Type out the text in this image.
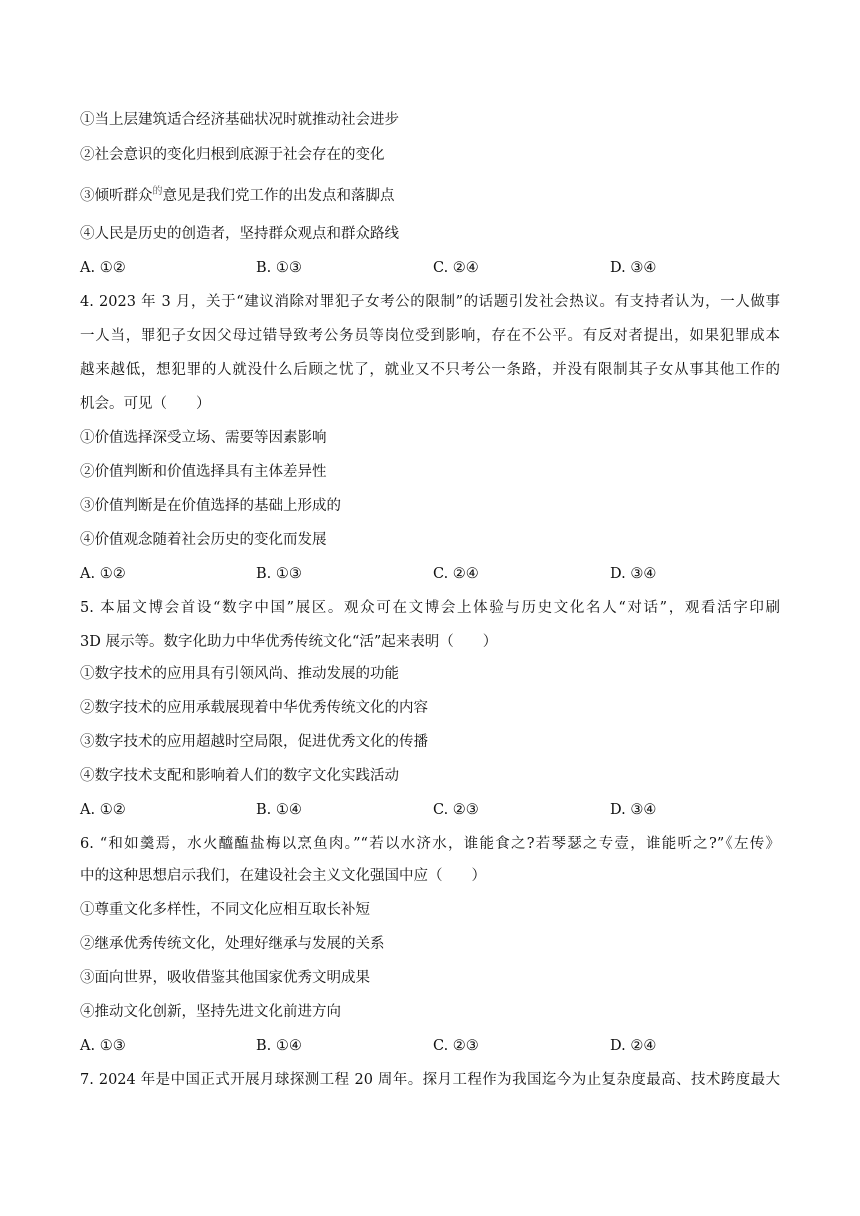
①当上层建筑适合经济基础状况时就推动社会进步
②社会意识的变化归根到底源于社会存在的变化
③倾听群众$^的$意见是我们党工作的出发点和落脚点
④人民是历史的创造者，坚持群众观点和群众路线
A. ①②	B. ①③	C. ②④	D. ③④
4. 2023 年 3 月，关于“建议消除对罪犯子女考公的限制”的话题引发社会热议。有支持者认为，一人做事
一人当，罪犯子女因父母过错导致考公务员等岗位受到影响，存在不公平。有反对者提出，如果犯罪成本
越来越低，想犯罪的人就没什么后顾之忧了，就业又不只考公一条路，并没有限制其子女从事其他工作的
机会。可见（　　）
①价值选择深受立场、需要等因素影响
②价值判断和价值选择具有主体差异性
③价值判断是在价值选择的基础上形成的
④价值观念随着社会历史的变化而发展
A. ①②	B. ①③	C. ②④	D. ③④
5. 本届文博会首设“数字中国”展区。观众可在文博会上体验与历史文化名人“对话”，观看活字印刷
3D 展示等。数字化助力中华优秀传统文化“活”起来表明（　　）
①数字技术的应用具有引领风尚、推动发展的功能
②数字技术的应用承载展现着中华优秀传统文化的内容
③数字技术的应用超越时空局限，促进优秀文化的传播
④数字技术支配和影响着人们的数字文化实践活动
A. ①②	B. ①④	C. ②③	D. ③④
6. “和如羹焉，水火醯醢盐梅以烹鱼肉。”“若以水济水，谁能食之?若琴瑟之专壹，谁能听之?”《左传》
中的这种思想启示我们，在建设社会主义文化强国中应（　　）
①尊重文化多样性，不同文化应相互取长补短
②继承优秀传统文化，处理好继承与发展的关系
③面向世界，吸收借鉴其他国家优秀文明成果
④推动文化创新，坚持先进文化前进方向
A. ①③	B. ①④	C. ②③	D. ②④
7. 2024 年是中国正式开展月球探测工程 20 周年。探月工程作为我国迄今为止复杂度最高、技术跨度最大
